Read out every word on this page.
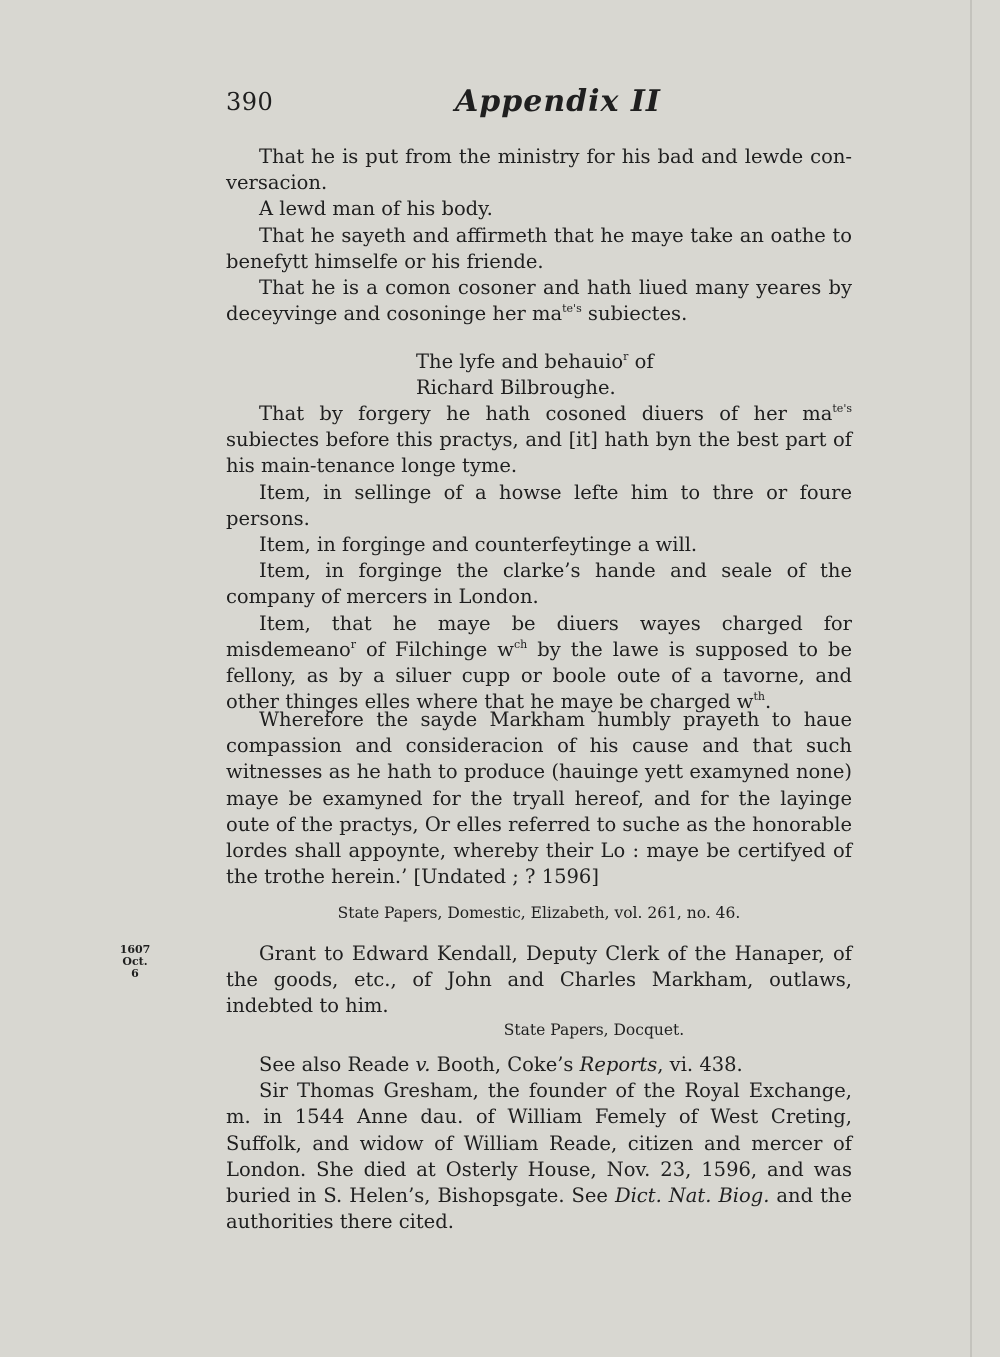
390	Appendix II

That he is put from the ministry for his bad and lewde con-versacion.

A lewd man of his body.

That he sayeth and affirmeth that he maye take an oathe to benefytt himselfe or his friende.

That he is a comon cosoner and hath liued many yeares by deceyvinge and cosoninge her $ma^{te's}$ subiectes.

The lyfe and behauio$^r$ of

Richard Bilbroughe.

That by forgery he hath cosoned diuers of her $ma^{te's}$ subiectes before this practys, and [it] hath byn the best part of his main-tenance longe tyme.

Item, in sellinge of a howse lefte him to thre or foure persons.

Item, in forginge and counterfeytinge a will.

Item, in forginge the clarke’s hande and seale of the company of mercers in London.

Item, that he maye be diuers wayes charged for misdemeano$^r$ of Filchinge $w^{ch}$ by the lawe is supposed to be fellony, as by a siluer cupp or boole oute of a tavorne, and other thinges elles where that he maye be charged $w^{th}$.

Wherefore the sayde Markham humbly prayeth to haue compassion and consideracion of his cause and that such witnesses as he hath to produce (hauinge yett examyned none) maye be examyned for the tryall hereof, and for the layinge oute of the practys, Or elles referred to suche as the honorable lordes shall appoynte, whereby their Lo : maye be certifyed of the trothe herein.’ [Undated ; ? 1596]

State Papers, Domestic, Elizabeth, vol. 261, no. 46.

1607
Oct. 6

Grant to Edward Kendall, Deputy Clerk of the Hanaper, of the goods, etc., of John and Charles Markham, outlaws, indebted to him.

State Papers, Docquet.

See also Reade v. Booth, Coke’s Reports, vi. 438.

Sir Thomas Gresham, the founder of the Royal Exchange, m. in 1544 Anne dau. of William Femely of West Creting, Suffolk, and widow of William Reade, citizen and mercer of London. She died at Osterly House, Nov. 23, 1596, and was buried in S. Helen’s, Bishopsgate. See Dict. Nat. Biog. and the authorities there cited.
